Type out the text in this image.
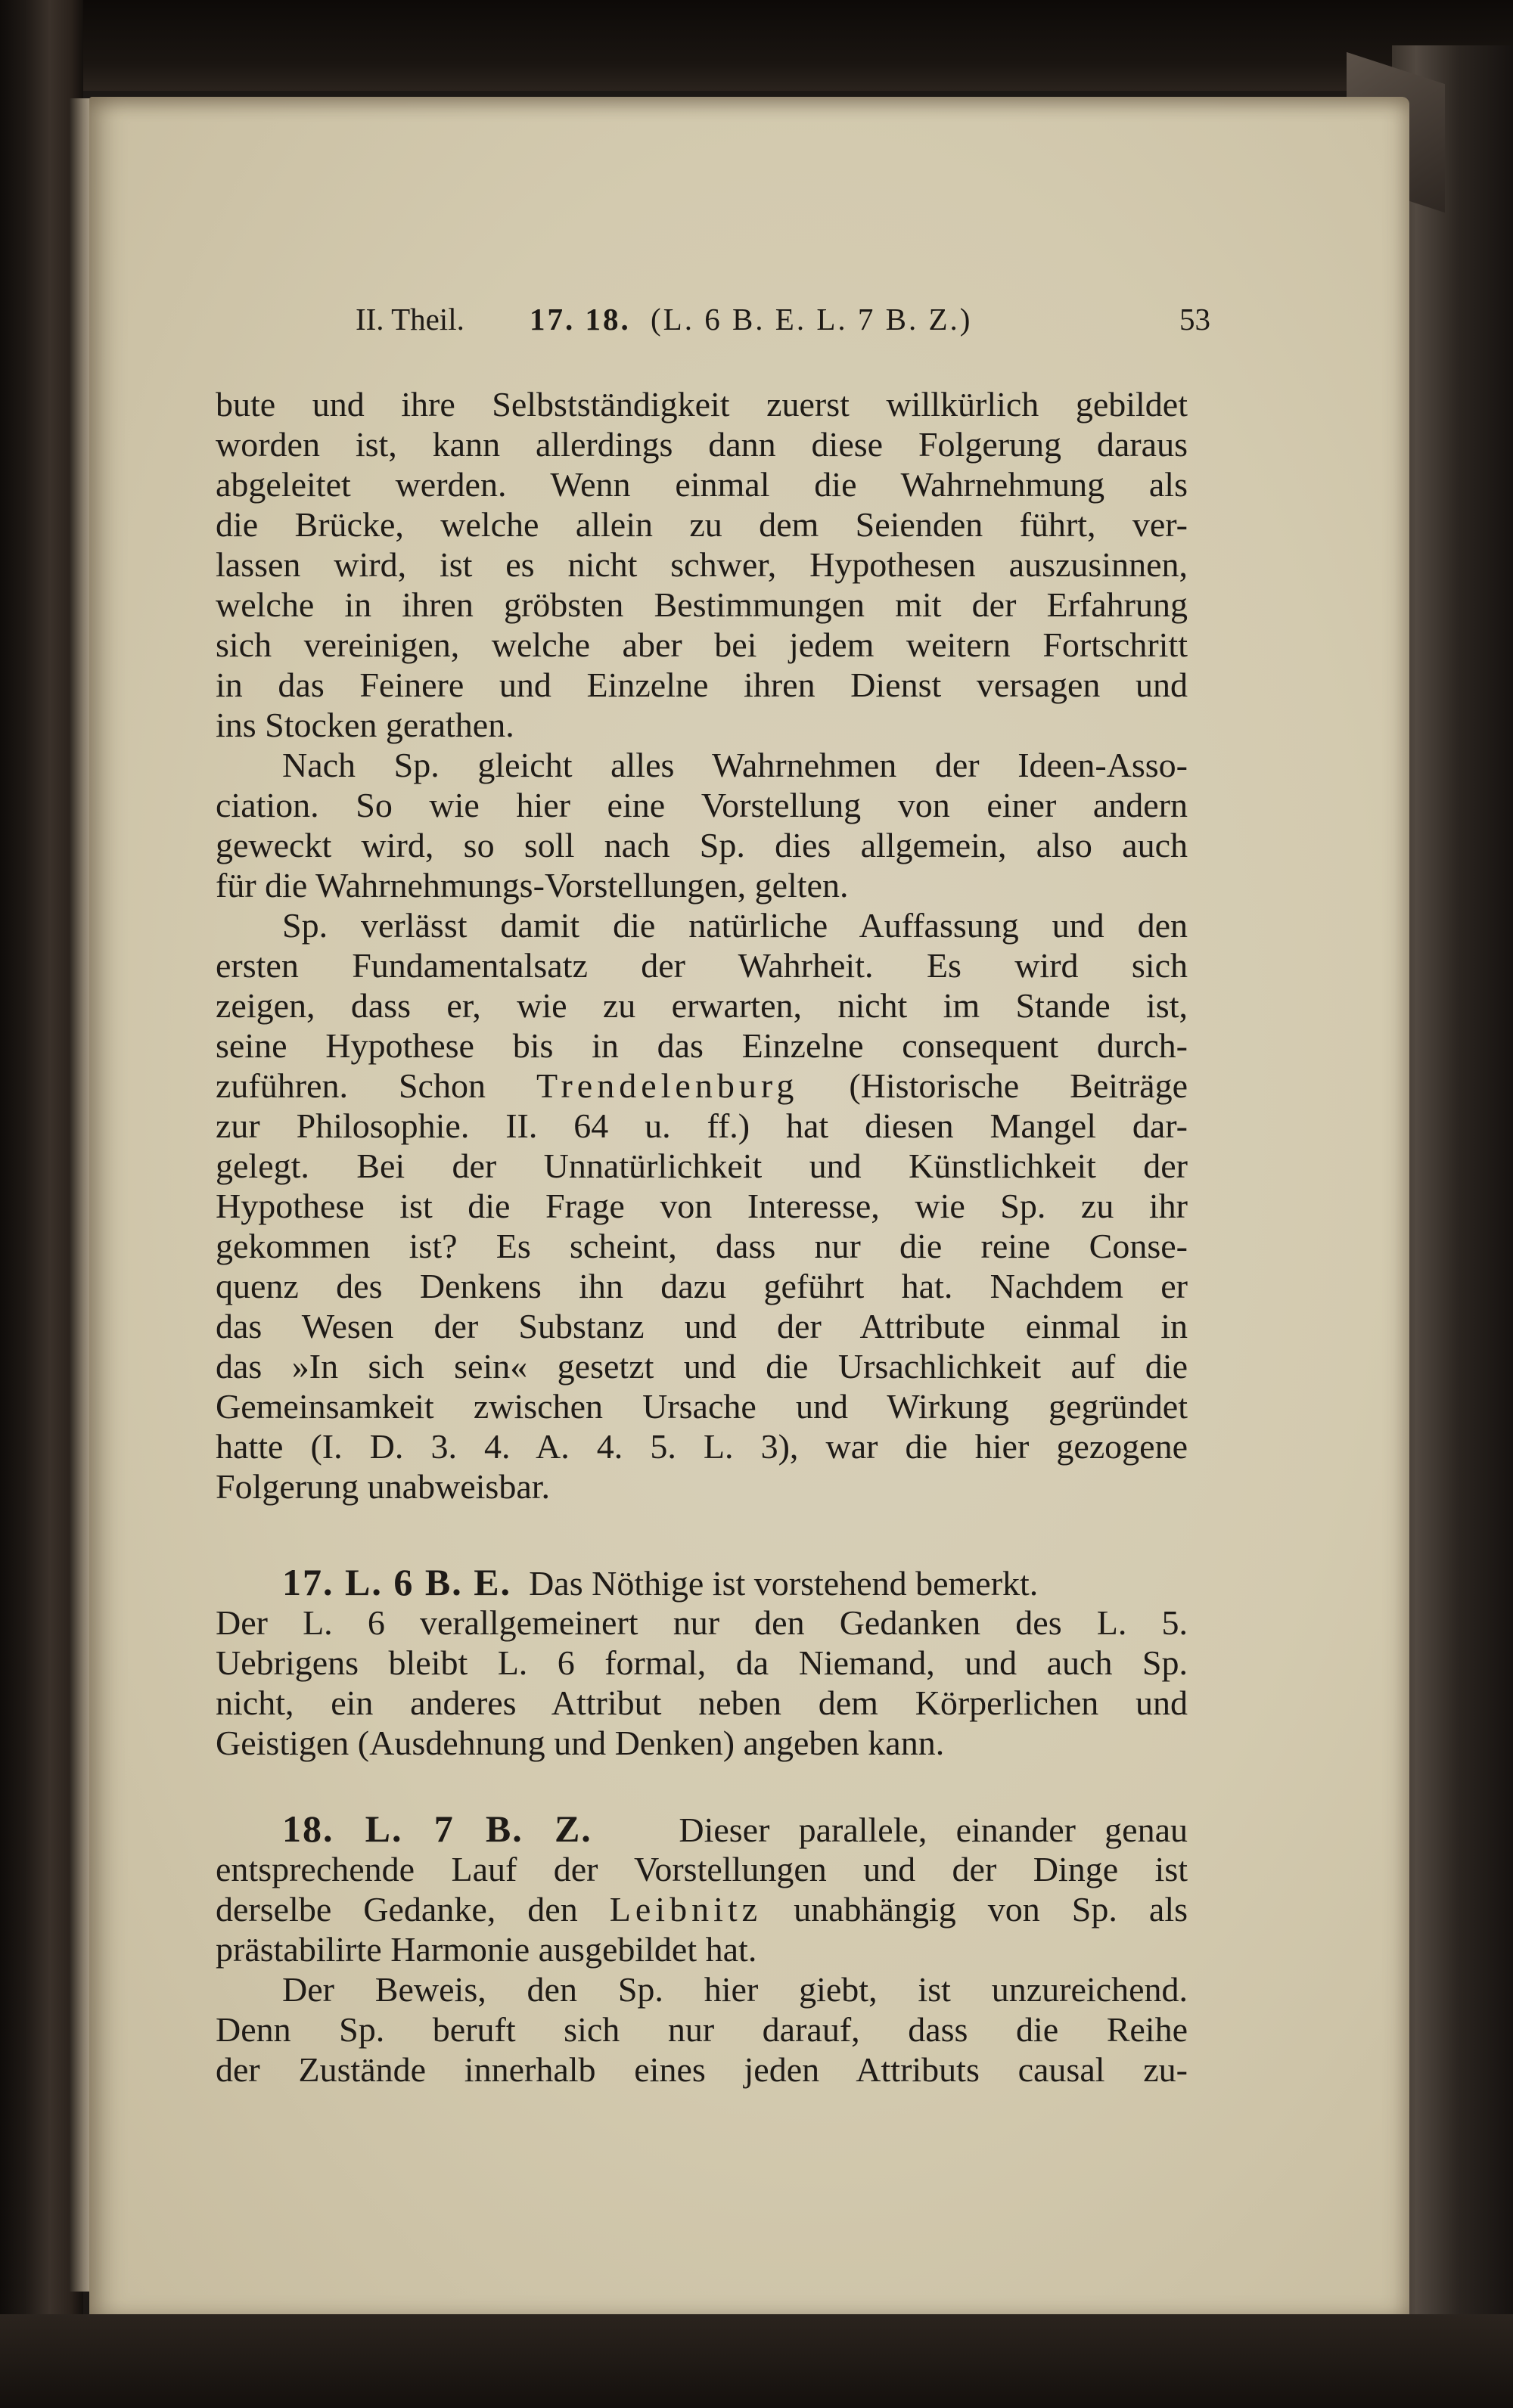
II. Theil. 17. 18. (L. 6 B. E. L. 7 B. Z.)	53
bute und ihre Selbstständigkeit zuerst willkürlich gebildet
worden ist, kann allerdings dann diese Folgerung daraus
abgeleitet werden. Wenn einmal die Wahrnehmung als
die Brücke, welche allein zu dem Seienden führt, ver-
lassen wird, ist es nicht schwer, Hypothesen auszusinnen,
welche in ihren gröbsten Bestimmungen mit der Erfahrung
sich vereinigen, welche aber bei jedem weitern Fortschritt
in das Feinere und Einzelne ihren Dienst versagen und
ins Stocken gerathen.
Nach Sp. gleicht alles Wahrnehmen der Ideen-Asso-
ciation. So wie hier eine Vorstellung von einer andern
geweckt wird, so soll nach Sp. dies allgemein, also auch
für die Wahrnehmungs-Vorstellungen, gelten.
Sp. verlässt damit die natürliche Auffassung und den
ersten Fundamentalsatz der Wahrheit. Es wird sich
zeigen, dass er, wie zu erwarten, nicht im Stande ist,
seine Hypothese bis in das Einzelne consequent durch-
zuführen. Schon Trendelenburg (Historische Beiträge
zur Philosophie. II. 64 u. ff.) hat diesen Mangel dar-
gelegt. Bei der Unnatürlichkeit und Künstlichkeit der
Hypothese ist die Frage von Interesse, wie Sp. zu ihr
gekommen ist? Es scheint, dass nur die reine Conse-
quenz des Denkens ihn dazu geführt hat. Nachdem er
das Wesen der Substanz und der Attribute einmal in
das »In sich sein« gesetzt und die Ursachlichkeit auf die
Gemeinsamkeit zwischen Ursache und Wirkung gegründet
hatte (I. D. 3. 4. A. 4. 5. L. 3), war die hier gezogene
Folgerung unabweisbar.
17. L. 6 B. E. Das Nöthige ist vorstehend bemerkt.
Der L. 6 verallgemeinert nur den Gedanken des L. 5.
Uebrigens bleibt L. 6 formal, da Niemand, und auch Sp.
nicht, ein anderes Attribut neben dem Körperlichen und
Geistigen (Ausdehnung und Denken) angeben kann.
18. L. 7 B. Z. Dieser parallele, einander genau
entsprechende Lauf der Vorstellungen und der Dinge ist
derselbe Gedanke, den Leibnitz unabhängig von Sp. als
prästabilirte Harmonie ausgebildet hat.
Der Beweis, den Sp. hier giebt, ist unzureichend.
Denn Sp. beruft sich nur darauf, dass die Reihe
der Zustände innerhalb eines jeden Attributs causal zu-
